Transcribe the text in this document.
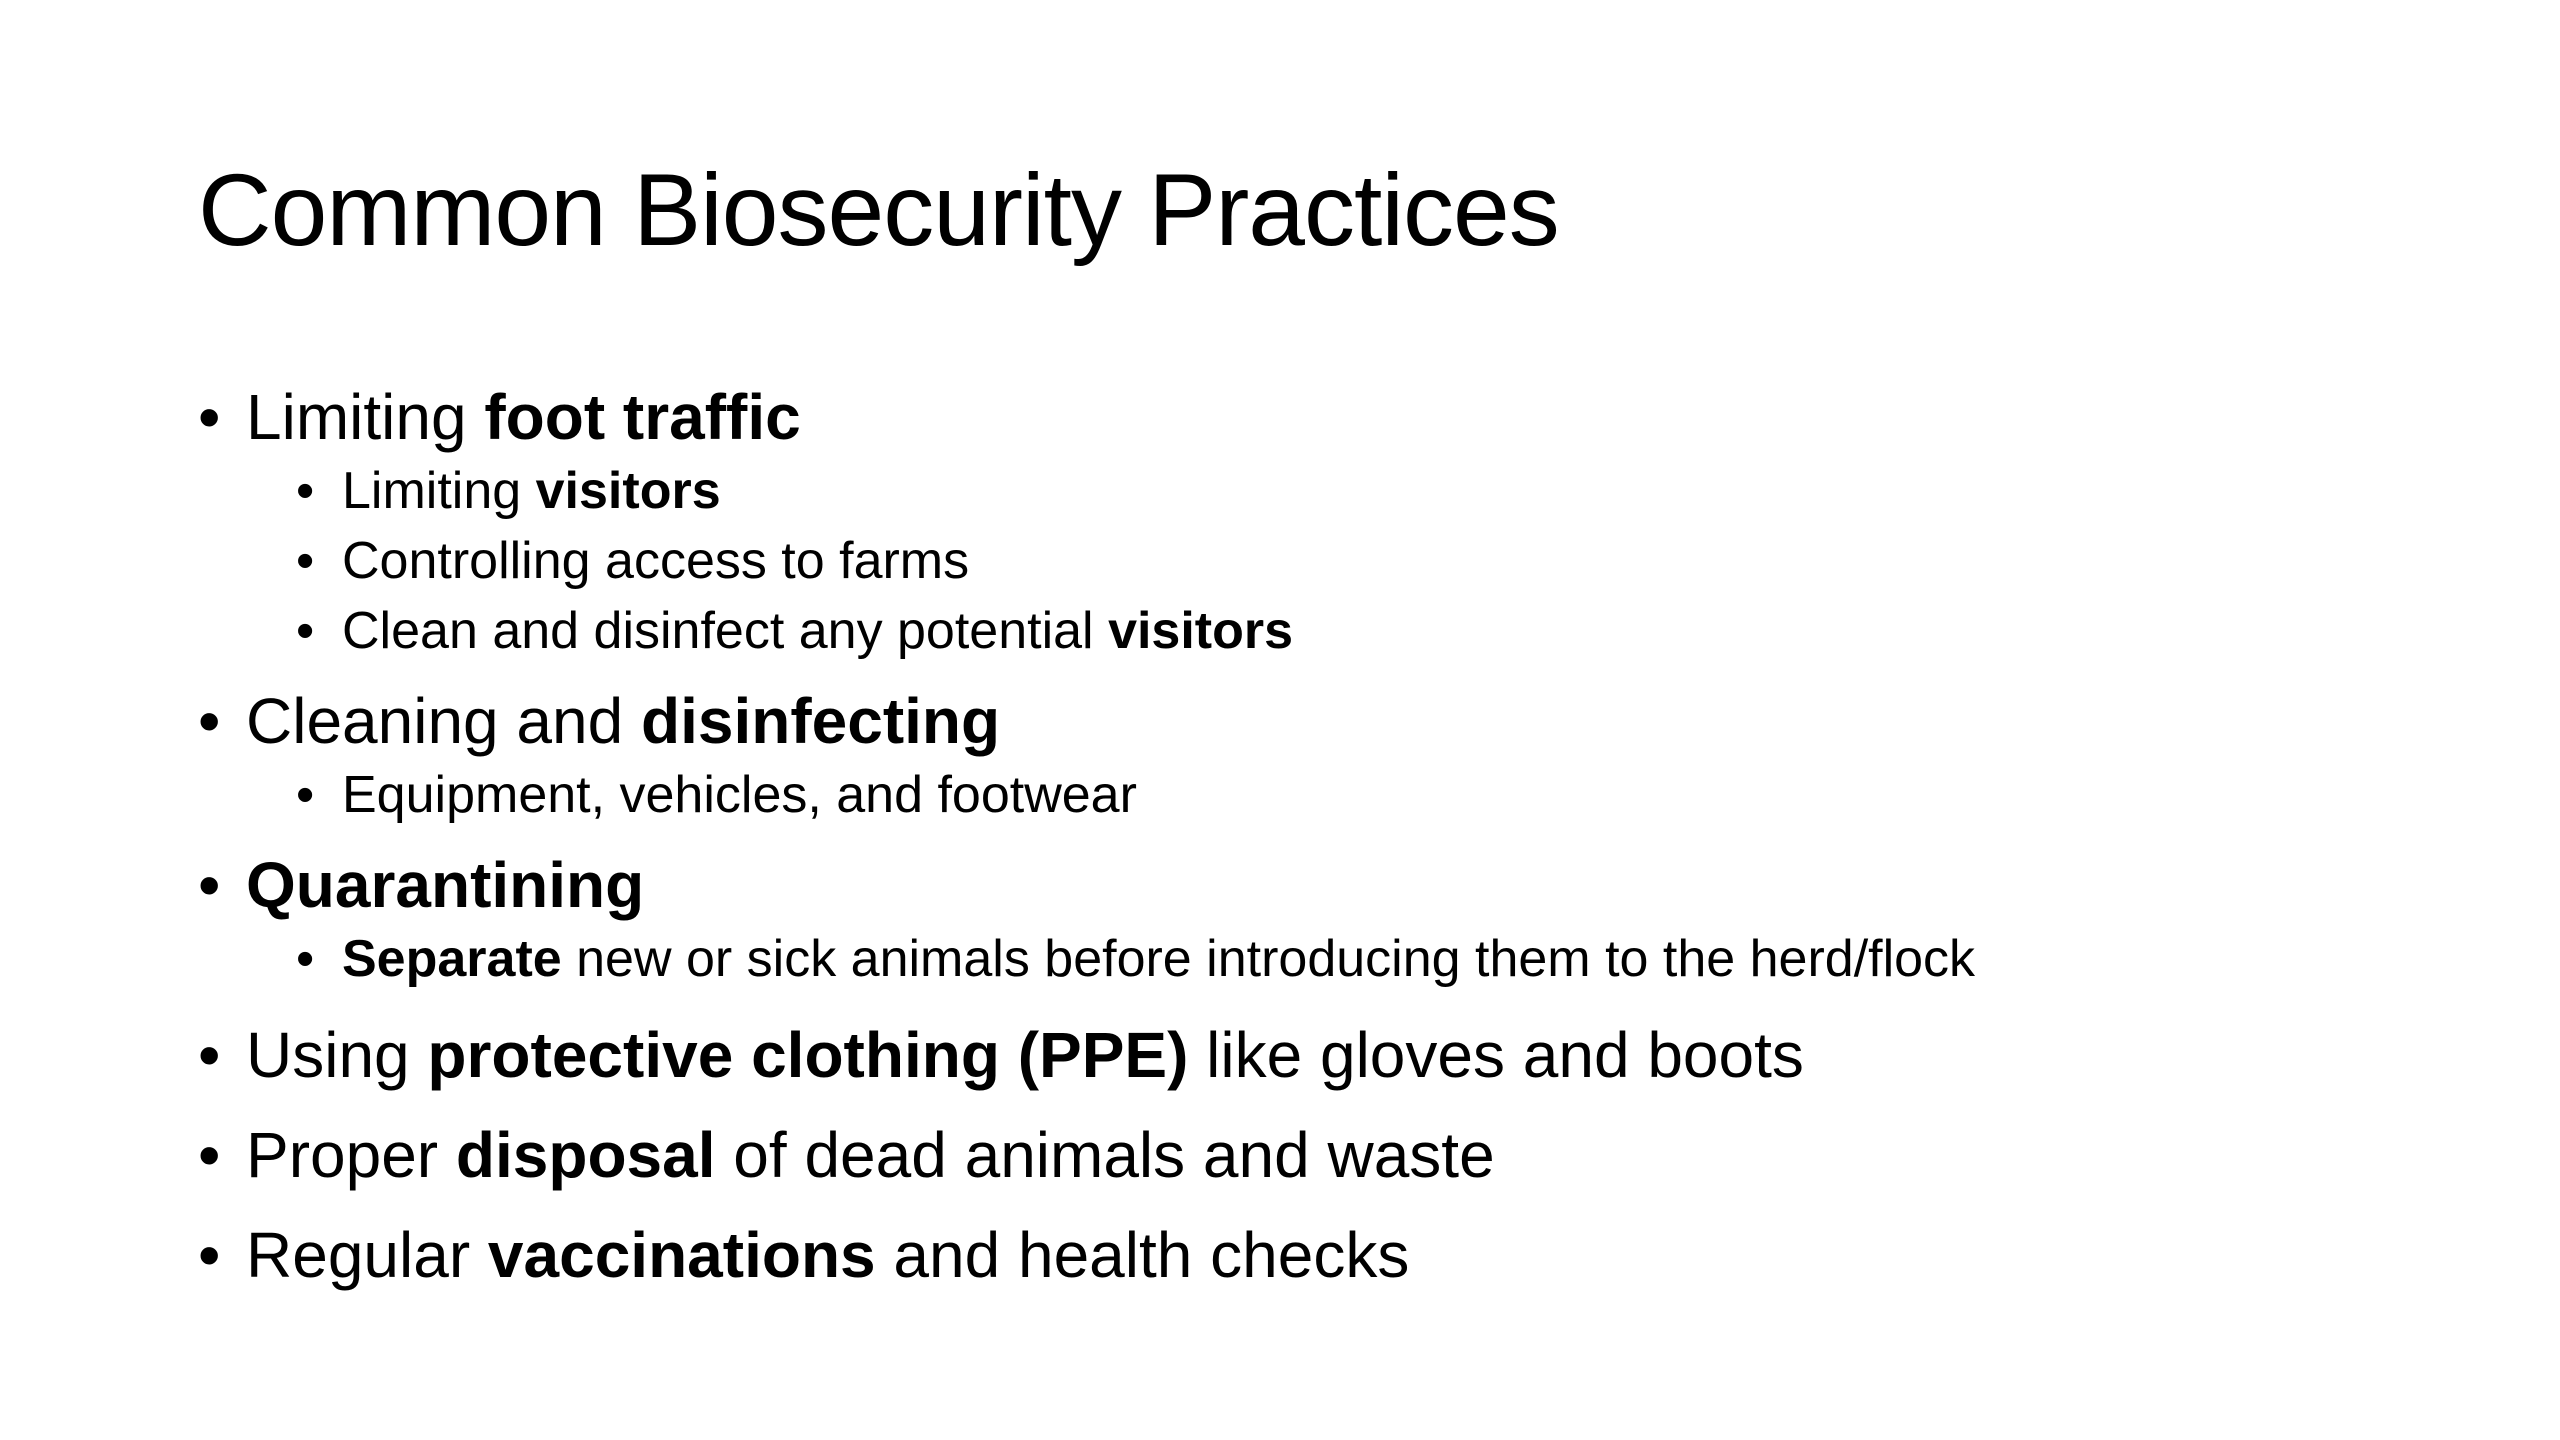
Common Biosecurity Practices
• Limiting foot traffic
• Limiting visitors
• Controlling access to farms
• Clean and disinfect any potential visitors
• Cleaning and disinfecting
• Equipment, vehicles, and footwear
• Quarantining
• Separate new or sick animals before introducing them to the herd/flock
• Using protective clothing (PPE) like gloves and boots
• Proper disposal of dead animals and waste
• Regular vaccinations and health checks
